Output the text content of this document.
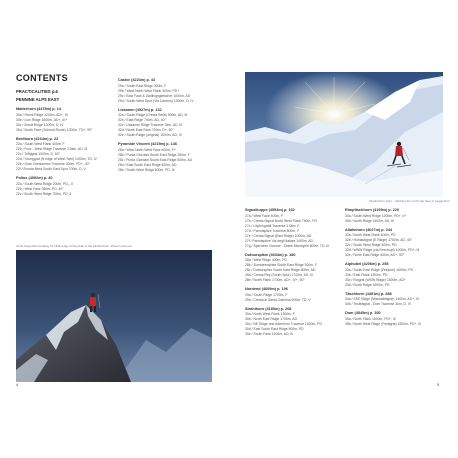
CONTENTS
PRACTICALITIES p.6
PENNINE ALPS EAST
Matterhorn (4478m) p. 14
30a / Hörnli Ridge 1200m, AD+, III
30b / Lion Ridge 1600m, AD+, III+
30c / Zmutt Ridge 1200m, D, IV
30d / North Face (Schmid Route) 1200m, TD+, 90°
Breithorn (4164m) p. 22
22a / South West Flank 400m, F
22b / Four - West Ridge Traverse 2.5km, AD, III
22c / Triftjigrat 1000m, D, 60°
22d / Younggrat (N ridge of West Twin) 1000m, TD, IV
22e / Gran Gendarmes Traverse 400m, PD+, 40°
22f / Roccia Nera South East Spur 700m, D, V
Pollux (4092m) p. 40
22a / South West Ridge 200m, PD-, II
22b / West Face 350m, PD, 40°
22c / South West Ridge 700m, PD, II
Castor (4223m) p. 44
29a / South East Ridge 300m, F
29b / West North West Flank 300m, PD+
29c / East Face & Zwillingsgletscher 1000m, AD
29d / South West Spur (Via Castoro) 1000m, D, IV
Liskamm (4527m) p. 132
32a / South Ridge (Cresta Sella) 900m, AD, III
32b / East Ridge 700m, AD, 40°
32c / Liskamm Ridge Traverse 2km, AD, III
32d / North East Face 700m, D+, 50°
32e / South Ridge (original) 1000m, AD, IV
Pyramide Vincent (4215m) p. 136
28a / West North West Face 400m, F+
28b / Punta Giordani South East Ridge 250m, F
28c / Punta Giordani South East Ridge 600m, AD
28d / East South East Ridge 400m, AD
28e / South West Ridge 600m, PD, III
Chris Sorgenfrei heading for NNE ridge of the peak of the Zinalrothorn. Photo Laurence
4
Zinalrothorn Spur - climbing the north cap face of Lagginhorn
Signalkuppe (4554m) p. 162
27a / West Face 400m, F
27b / Cresta Signal North West Flank 750m, PD
27c / Lisjöchgrätli Traverse 1.5km, F
27d / Parrotspitze Traverse 800m, F
27e / Cresta Signal (East Ridge) 1000m, AD
27f / Parrotspitze Via degli Italiani 1400m, AD
27g / Spernese Viccone - Diane Meneghin 800m, TD, III
Dufourspitze (4634m) p. 180
28a / West Ridge 400m, PD
28b / Zumsteinspitze South East Ridge 300m, F
28c / Dufourspitze South East Ridge 800m, AD
28d / Cresta Rey (South Spur) 1700m, AD, III
28e / North Flank 1700m, AD+, IV+, 50°
Nordend (4609m) p. 196
29a / South Ridge 1700m, F
29b / Cresta di Santa Caterina 900m, TD, V
Strahlhorn (4190m) p. 208
30a / North West Flank 1300m, F
30b / North East Ridge 1700m, AD
30c / NE Ridge and Adlerhorn Traverse 1600m, PD
30d / East South East Ridge 900m, PD
30e / South Face 1400m, AD, III
Rimpfischhorn (4199m) p. 220
30a / South West Ridge 1200m, PD+, II+
30b / North Ridge 1400m, AD, III
Allalinhorn (4027m) p. 244
32a / North West Flank 400m, PD
32b / Hohlaubgrat (E Ridge) 1700m, AD, 40°
32c / South West Ridge 400m, PD
32d / WNW Ridge (via Feechopf) 1000m, PD+, III
32e / North East Ridge 400m, AD+, 50°
Alphubel (4206m) p. 258
33a / South East Ridge (Feejoch) 1600m, PD
33b / East Flank 1300m, PD
33c / Rotgrat (WSW Ridge) 1500m, AD+
33d / North Ridge 1600m, PD
Täschhorn (4491m) p. 288
34a / SSE Ridge (Mischabelgrat) 1400m, AD+, III
34b / Teufelsgrat - Dom Traverse 3km, D, IV
Dom (4545m) p. 300
35a / North Flank 1600m, PD+, III
35b / North West Ridge (Festigrat) 1500m, PD+, III
5
